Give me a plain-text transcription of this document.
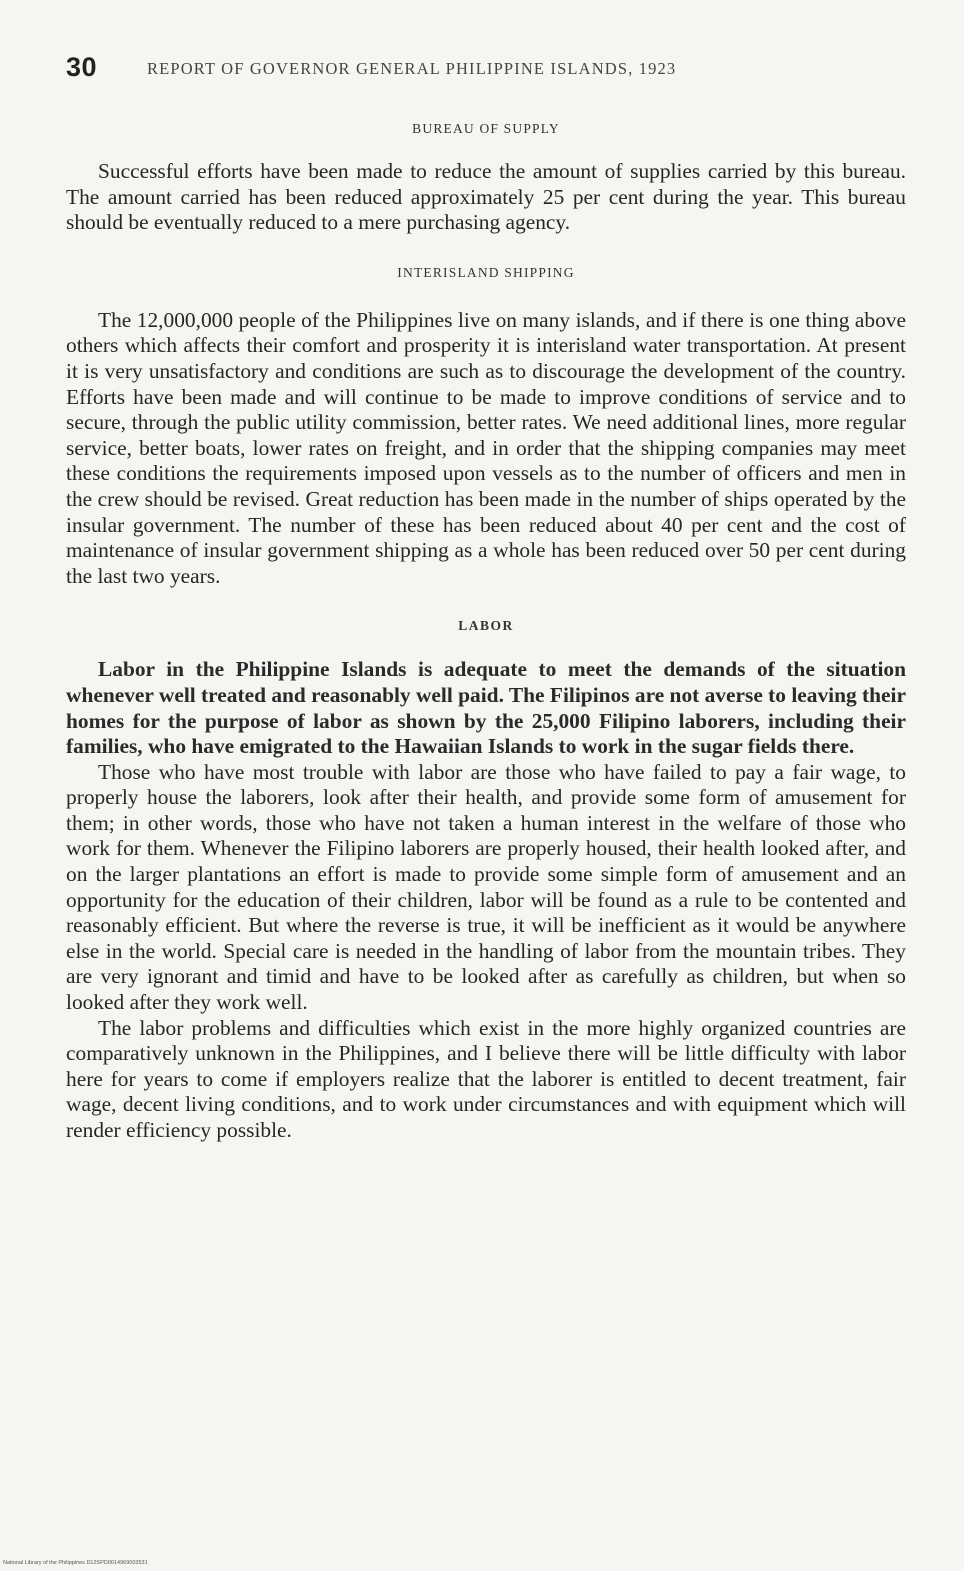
30	REPORT OF GOVERNOR GENERAL PHILIPPINE ISLANDS, 1923
BUREAU OF SUPPLY

Successful efforts have been made to reduce the amount of supplies carried by this bureau. The amount carried has been reduced approximately 25 per cent during the year. This bureau should be eventually reduced to a mere purchasing agency.

INTERISLAND SHIPPING

The 12,000,000 people of the Philippines live on many islands, and if there is one thing above others which affects their comfort and prosperity it is interisland water transportation. At present it is very unsatisfactory and conditions are such as to discourage the development of the country. Efforts have been made and will continue to be made to improve conditions of service and to secure, through the public utility commission, better rates. We need additional lines, more regular service, better boats, lower rates on freight, and in order that the shipping companies may meet these conditions the requirements imposed upon vessels as to the number of officers and men in the crew should be revised. Great reduction has been made in the number of ships operated by the insular government. The number of these has been reduced about 40 per cent and the cost of maintenance of insular government shipping as a whole has been reduced over 50 per cent during the last two years.

LABOR

Labor in the Philippine Islands is adequate to meet the demands of the situation whenever well treated and reasonably well paid. The Filipinos are not averse to leaving their homes for the purpose of labor as shown by the 25,000 Filipino laborers, including their families, who have emigrated to the Hawaiian Islands to work in the sugar fields there.

Those who have most trouble with labor are those who have failed to pay a fair wage, to properly house the laborers, look after their health, and provide some form of amusement for them; in other words, those who have not taken a human interest in the welfare of those who work for them. Whenever the Filipino laborers are properly housed, their health looked after, and on the larger plantations an effort is made to provide some simple form of amusement and an opportunity for the education of their children, labor will be found as a rule to be contented and reasonably efficient. But where the reverse is true, it will be inefficient as it would be anywhere else in the world. Special care is needed in the handling of labor from the mountain tribes. They are very ignorant and timid and have to be looked after as carefully as children, but when so looked after they work well.

The labor problems and difficulties which exist in the more highly organized countries are comparatively unknown in the Philippines, and I believe there will be little difficulty with labor here for years to come if employers realize that the laborer is entitled to decent treatment, fair wage, decent living conditions, and to work under circumstances and with equipment which will render efficiency possible.

National Library of the Philippines D12SPD0014969003531
